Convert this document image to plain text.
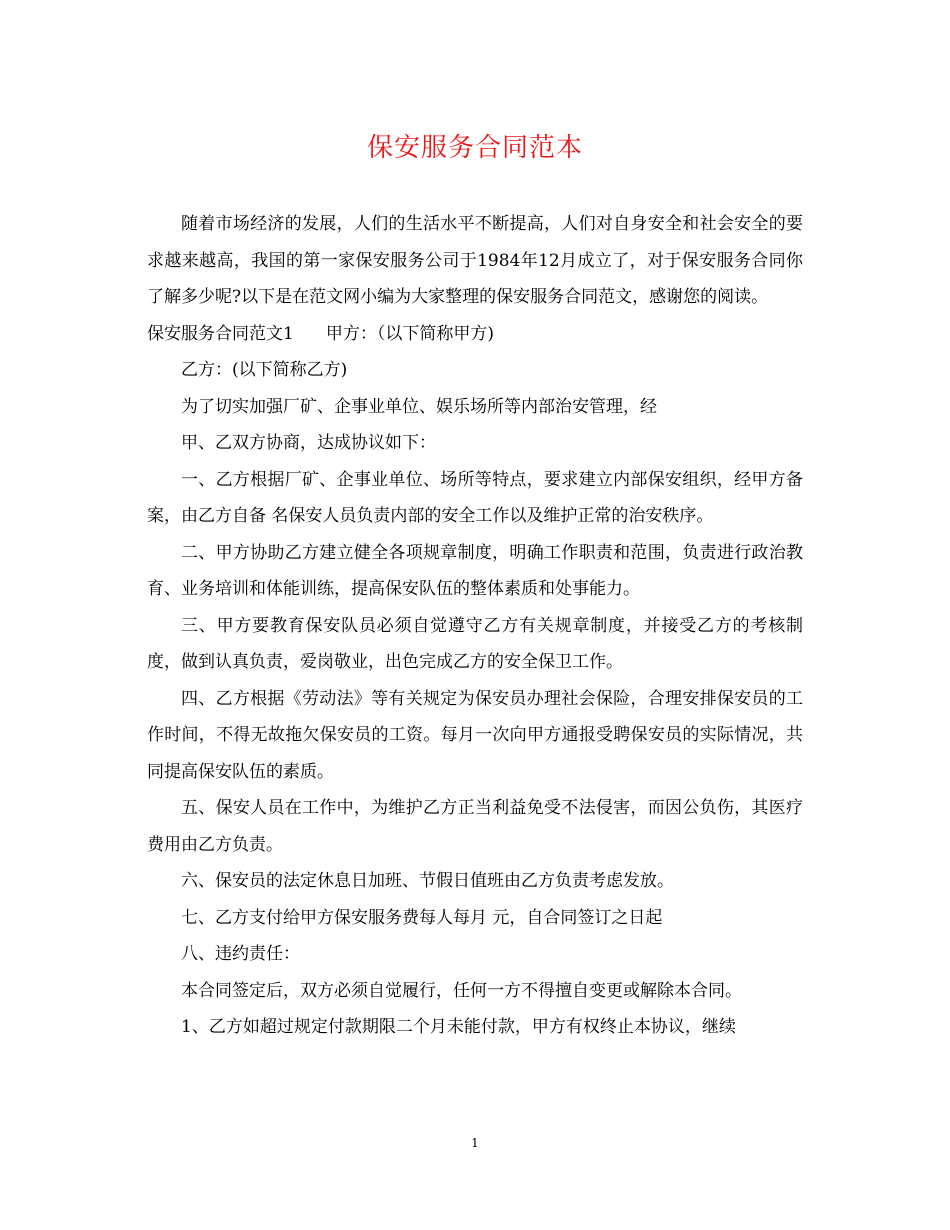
保安服务合同范本

随着市场经济的发展，人们的生活水平不断提高，人们对自身安全和社会安全的要求越来越高，我国的第一家保安服务公司于1984年12月成立了，对于保安服务合同你了解多少呢?以下是在范文网小编为大家整理的保安服务合同范文，感谢您的阅读。

保安服务合同范文1 甲方：（以下简称甲方)

乙方：(以下简称乙方)

为了切实加强厂矿、企事业单位、娱乐场所等内部治安管理，经

甲、乙双方协商，达成协议如下：

一、乙方根据厂矿、企事业单位、场所等特点，要求建立内部保安组织，经甲方备案，由乙方自备 名保安人员负责内部的安全工作以及维护正常的治安秩序。

二、甲方协助乙方建立健全各项规章制度，明确工作职责和范围，负责进行政治教育、业务培训和体能训练，提高保安队伍的整体素质和处事能力。

三、甲方要教育保安队员必须自觉遵守乙方有关规章制度，并接受乙方的考核制度，做到认真负责，爱岗敬业，出色完成乙方的安全保卫工作。

四、乙方根据《劳动法》等有关规定为保安员办理社会保险，合理安排保安员的工作时间，不得无故拖欠保安员的工资。每月一次向甲方通报受聘保安员的实际情况，共同提高保安队伍的素质。

五、保安人员在工作中，为维护乙方正当利益免受不法侵害，而因公负伤，其医疗费用由乙方负责。

六、保安员的法定休息日加班、节假日值班由乙方负责考虑发放。

七、乙方支付给甲方保安服务费每人每月 元，自合同签订之日起

八、违约责任：

本合同签定后，双方必须自觉履行，任何一方不得擅自变更或解除本合同。

1、乙方如超过规定付款期限二个月未能付款，甲方有权终止本协议，继续

1
